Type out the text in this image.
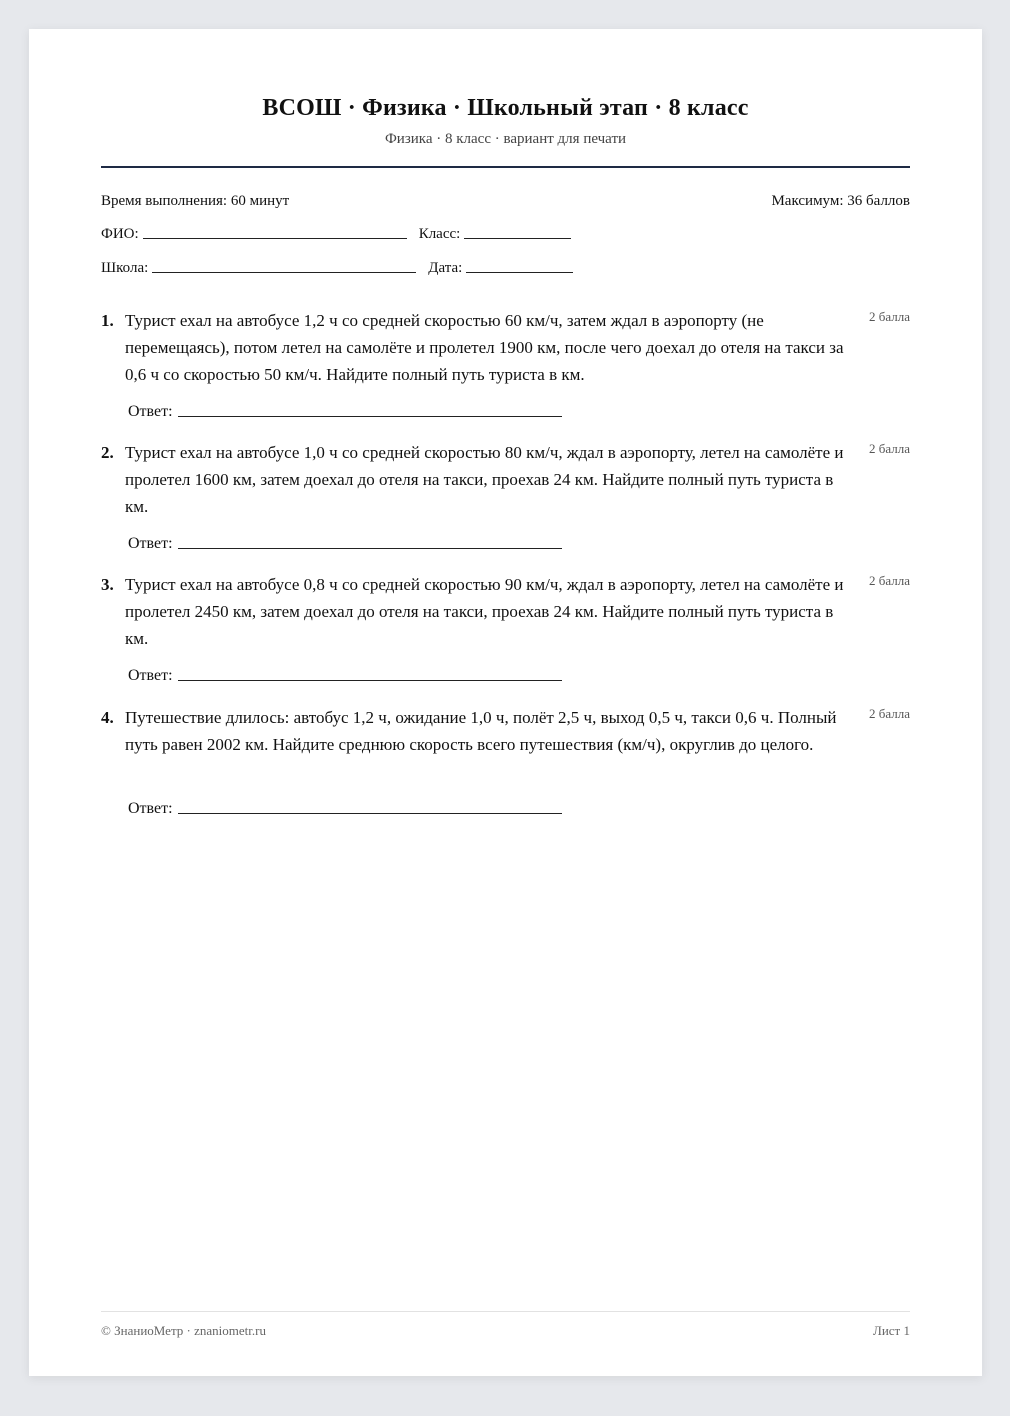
ВСОШ · Физика · Школьный этап · 8 класс
Физика · 8 класс · вариант для печати
Время выполнения: 60 минут	Максимум: 36 баллов
ФИО:	Класс:
Школа:	Дата:
1. Турист ехал на автобусе 1,2 ч со средней скоростью 60 км/ч, затем ждал в аэропорту (не перемещаясь), потом летел на самолёте и пролетел 1900 км, после чего доехал до отеля на такси за 0,6 ч со скоростью 50 км/ч. Найдите полный путь туриста в км.
2 балла
Ответ:
2. Турист ехал на автобусе 1,0 ч со средней скоростью 80 км/ч, ждал в аэропорту, летел на самолёте и пролетел 1600 км, затем доехал до отеля на такси, проехав 24 км. Найдите полный путь туриста в км.
2 балла
Ответ:
3. Турист ехал на автобусе 0,8 ч со средней скоростью 90 км/ч, ждал в аэропорту, летел на самолёте и пролетел 2450 км, затем доехал до отеля на такси, проехав 24 км. Найдите полный путь туриста в км.
2 балла
Ответ:
4. Путешествие длилось: автобус 1,2 ч, ожидание 1,0 ч, полёт 2,5 ч, выход 0,5 ч, такси 0,6 ч. Полный путь равен 2002 км. Найдите среднюю скорость всего путешествия (км/ч), округлив до целого.
2 балла
Ответ:
© ЗнаниоМетр · znaniometr.ru	Лист 1
